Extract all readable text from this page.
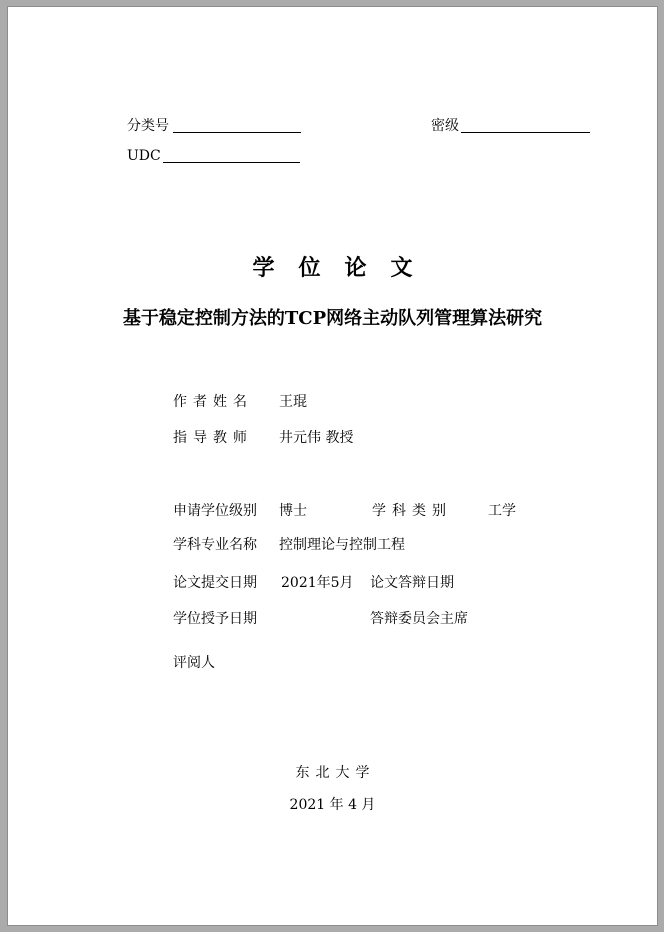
分类号	密级
UDC
学位论文
基于稳定控制方法的TCP网络主动队列管理算法研究
作者姓名 王琨
指导教师 井元伟 教授
申请学位级别 博士	学科类别	工学
学科专业名称 控制理论与控制工程
论文提交日期 2021年5月 论文答辩日期
学位授予日期	答辩委员会主席
评阅人
东北大学
2021 年 4 月
